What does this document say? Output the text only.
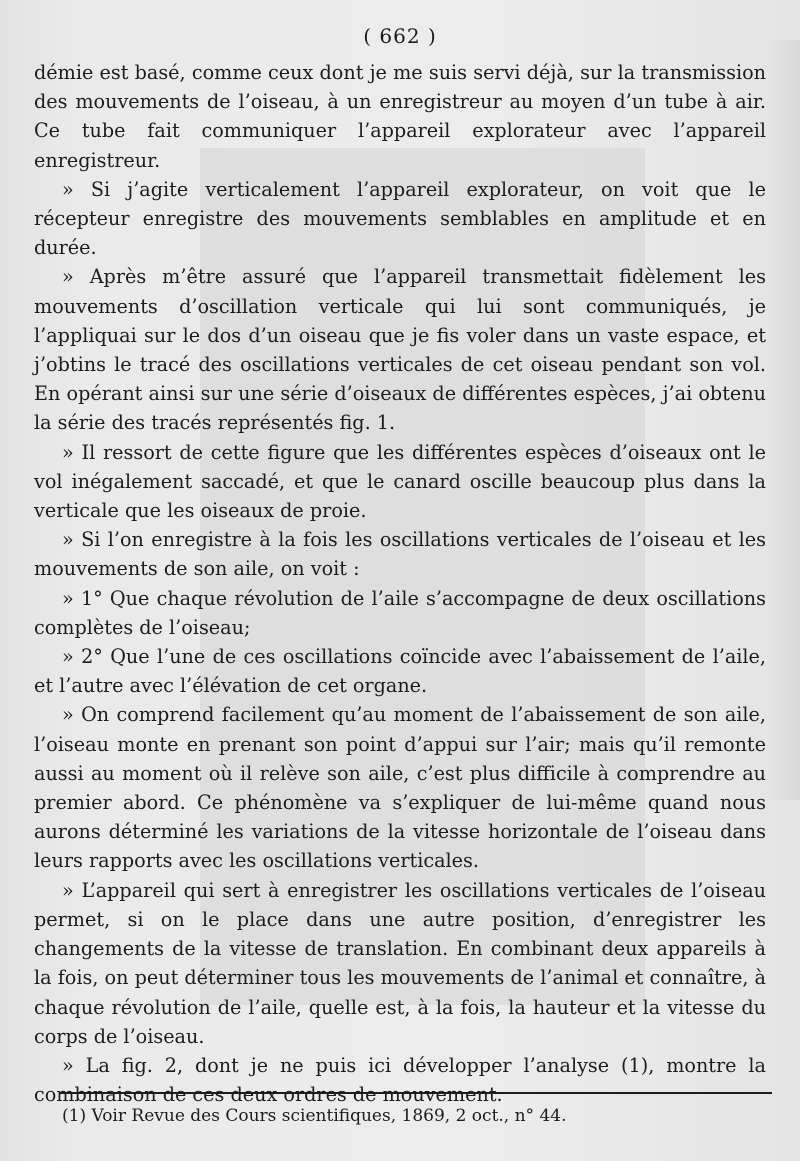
( 662 )

démie est basé, comme ceux dont je me suis servi déjà, sur la transmission des mouvements de l’oiseau, à un enregistreur au moyen d’un tube à air. Ce tube fait communiquer l’appareil explorateur avec l’appareil enregistreur.

» Si j’agite verticalement l’appareil explorateur, on voit que le récepteur enregistre des mouvements semblables en amplitude et en durée.

» Après m’être assuré que l’appareil transmettait fidèlement les mouvements d’oscillation verticale qui lui sont communiqués, je l’appliquai sur le dos d’un oiseau que je fis voler dans un vaste espace, et j’obtins le tracé des oscillations verticales de cet oiseau pendant son vol. En opérant ainsi sur une série d’oiseaux de différentes espèces, j’ai obtenu la série des tracés représentés fig. 1.

» Il ressort de cette figure que les différentes espèces d’oiseaux ont le vol inégalement saccadé, et que le canard oscille beaucoup plus dans la verticale que les oiseaux de proie.

» Si l’on enregistre à la fois les oscillations verticales de l’oiseau et les mouvements de son aile, on voit :

» 1° Que chaque révolution de l’aile s’accompagne de deux oscillations complètes de l’oiseau;

» 2° Que l’une de ces oscillations coïncide avec l’abaissement de l’aile, et l’autre avec l’élévation de cet organe.

» On comprend facilement qu’au moment de l’abaissement de son aile, l’oiseau monte en prenant son point d’appui sur l’air; mais qu’il remonte aussi au moment où il relève son aile, c’est plus difficile à comprendre au premier abord. Ce phénomène va s’expliquer de lui-même quand nous aurons déterminé les variations de la vitesse horizontale de l’oiseau dans leurs rapports avec les oscillations verticales.

» L’appareil qui sert à enregistrer les oscillations verticales de l’oiseau permet, si on le place dans une autre position, d’enregistrer les changements de la vitesse de translation. En combinant deux appareils à la fois, on peut déterminer tous les mouvements de l’animal et connaître, à chaque révolution de l’aile, quelle est, à la fois, la hauteur et la vitesse du corps de l’oiseau.

» La fig. 2, dont je ne puis ici développer l’analyse (1), montre la combinaison de ces deux ordres de mouvement.

(1) Voir Revue des Cours scientifiques, 1869, 2 oct., n° 44.
